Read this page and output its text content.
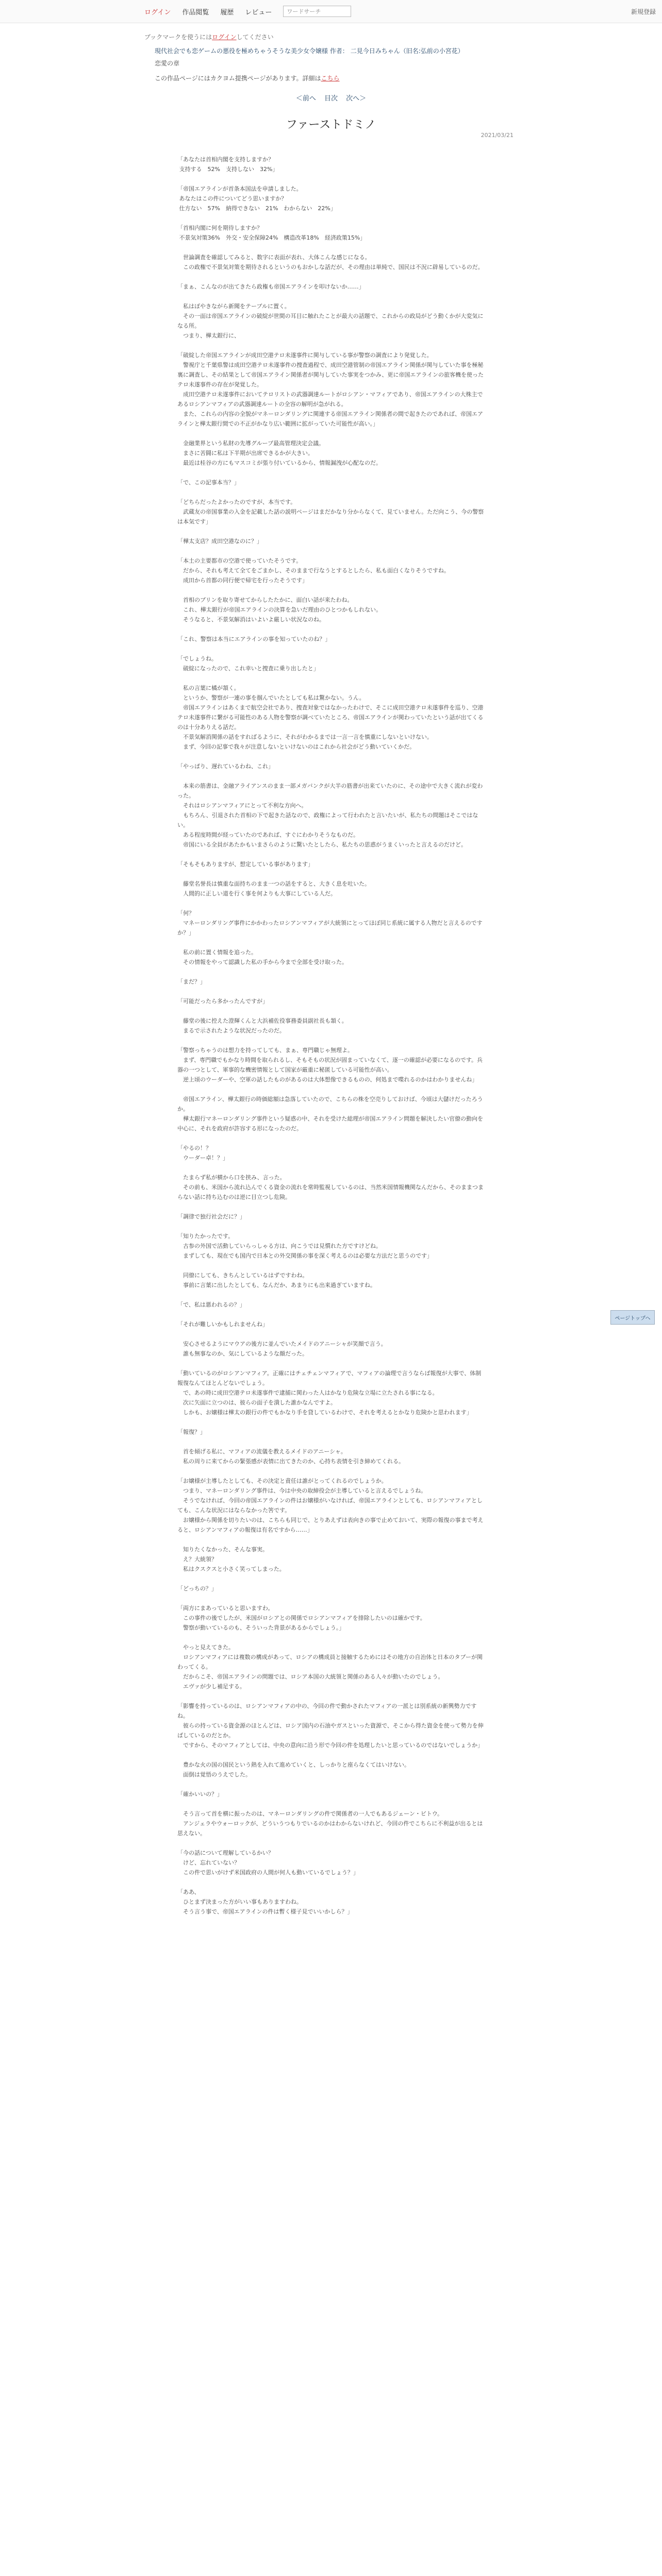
ログイン 作品閲覧 履歴 レビュー	ワードサーチ	新規登録
ブックマークを使うにはログインしてください
現代社会でも恋ゲームの悪役を極めちゃうそうな美少女令嬢様 作者： 二見今日みちゃん（旧名:弘前の小宮花）
恋愛の章
この作品ページにはカクヨム提携ページがあります。詳細はこちら
＜前へ 目次 次へ＞
ファーストドミノ
2021/03/21

「あなたは首相内閣を支持しますか？
支持する　52%　支持しない　32%」

「帝国エアラインが首条本国法を申請しました。
あなたはこの件についてどう思いますか？
仕方ない　57%　納得できない　21%　わからない　22%」

「首相内閣に何を期待しますか？
不景気対策36%　外交・安全保障24%　構造改革18%　経済政策15%」

　世論調査を確認してみると、数字に表面が表れ、大体こんな感じになる。
　この政権で不景気対策を期待されるというのもおかしな話だが、その理由は単純で、国民は不況に辟易しているのだ。

「まぁ、こんなのが出てきたら政権も帝国エアラインを叩けないか……」

　私はぼやきながら新聞をテーブルに置く。
　その一面は帝国エアラインの破綻が世間の耳目に触れたことが最大の話題で、これからの政局がどう動くかが大変気になる所。
　つまり、樺太銀行に、

「破綻した帝国エアラインが成田空港テロ未遂事件に関与している事が警察の調査により発覚した。
　警視庁と千葉県警は成田空港テロ未遂事件の捜査過程で、成田空港管制の帝国エアライン関係が関与していた事を極秘裏に調査し、その結果として帝国エアライン関係者が関与していた事実をつかみ、更に帝国エアラインの旅客機を使ったテロ未遂事件の存在が発覚した。
　成田空港テロ未遂事件においてテロリストの武器調達ルートがロシアン・マフィアであり、帝国エアラインの大株主であるロシアンマフィアの武器調達ルートの全容の解明が急がれる。
　また、これらの内容の全貌がマネーロンダリングに関連する帝国エアライン関係者の間で起きたのであれば、帝国エアラインと樺太銀行間での不正がかなり広い範囲に拡がっていた可能性が高い。」

　金融業界という私財の先導グループ最高管理決定会議。
　まさに苦闘に私は下半期が出席できるかが大きい。
　最近は桂谷の方にもマスコミが張り付いているから、情報漏洩が心配なのだ。

「で、この記事本当？」

「どちらだったよかったのですが、本当です。
　武蔵友の帝国事業の入金を記載した話の説明ページはまだかなり分からなくて、見ていません。ただ向こう、今の警察は本気です」

「樺太支店？成田空港なのに？」

「本土の主要都市の空港で使っていたそうです。
　だから、それも考えて全てをごまかし、そのままで行なうとするとしたら、私も面白くなりそうですね。
　成田から首都の同行便で帰宅を行ったそうです」

　首相のブリンを取り寄せてからしたたかに、面白い話が来たわね。
　これ、樺太銀行が帝国エアラインの決算を急いだ理由のひとつかもしれない。
　そうなると、不景気解消はいよいよ厳しい状況なのね。

「これ、警察は本当にエアラインの事を知っていたのね？」

「でしょうね。
　破綻になったので、これ幸いと捜査に乗り出したと」

　私の言葉に橘が頷く。
　というか、警察が一連の事を掴んでいたとしても私は驚かない。うん。
　帝国エアラインはあくまで航空会社であり、捜査対象ではなかったわけで、そこに成田空港テロ未遂事件を巡り、空港テロ未遂事件に繋がる可能性のある人物を警察が調べていたところ、帝国エアラインが関わっていたという話が出てくるのは十分ありえる話だ。
　不景気解消関係の話をすればるように、それがわかるまでは一言一言を慎重にしないといけない。
　まず、今回の記事で我々が注意しないといけないのはこれから社会がどう動いていくかだ。

「やっぱり、遅れているわね、これ」

　本来の筋書は、金融アライアンスのまま一部メガバンクが大半の筋書が出来ていたのに、その途中で大きく流れが変わった。
　それはロシアンマフィアにとって不利な方向へ。
　もちろん、引退された首相の下で起きた話なので、政権によって行われたと言いたいが、私たちの問題はそこではない。
　ある程度時間が経っていたのであれば、すぐにわかりそうなものだ。
　帝国にいる全員があたかもいまさらのように驚いたとしたら、私たちの思惑がうまくいったと言えるのだけど。

「そもそもありますが、想定している事があります」

　藤堂名誉長は慎重な面持ちのまま一つの話をすると、大きく息を吐いた。
　人間的に正しい道を行く事を何よりも大事にしている人だ。

「何？
　マネーロンダリング事件にかかわったロシアンマフィアが大統領にとってほぼ同じ系統に属する人物だと言えるのですか？」

　私の前に置く情報を追った。
　その情報をやって認識した私の手から今まで全部を受け取った。

「まだ？」

「可能だったら多かったんですが」

　藤堂の後に控えた澄輝くんと大浜補佐役事務委員副社長も頷く。
　まるで示されたような状況だったのだ。

「警察っちゃうのは想力を持ってしても、まぁ、専門職じゃ無理よ。
　まず、専門職でもかなり時間を取られるし、そもそもの状況が固まっていなくて、逐一の確認が必要になるのです。兵器の一つとして、軍事的な機密情報として国家が厳重に秘匿している可能性が高い。
　逆上頃のウーダーや、空軍の話したものがあるのは大体想像できるものの、何処まで喋れるのかはわかりませんね」

　帝国エアライン、樺太銀行の時価総額は急落していたので、こちらの株を空売りしておけば、今頃は大儲けだったろうか。
　樺太銀行マネーロンダリング事件という疑惑の中、それを受けた総理が帝国エアライン問題を解決したい官僚の動向を中心に、それを政府が許容する形になったのだ。

「やるの！？
　ウーダー卓！？」

　たまらず私が横から口を挟み、言った。
　その前も、米国から流れ込んでくる資金の流れを常時監視しているのは、当然米国情報機関なんだから、そのままつまらない話に持ち込むのは逆に目立つし危険。

「調律で独行社会だに？」

「知りたかったです。
　古参の外国で活動していらっしゃる方は、向こうでは見慣れた方ですけどね。
　まずしても、現在でも国内で日本との外交関係の事を深く考えるのは必要な方法だと思うのです」

　同僚にしても、きちんとしているはずですわね。
　事前に言葉に出したとしても、なんだか、あまりにも出来過ぎていますね。

「で、私は悪われるの？」

「それが難しいかもしれませんね」

　安心させるようにマウアの後方に並んでいたメイドのアニーシャが笑顔で言う。
　誰も無事なのか、気にしているような顔だった。

「動いているのがロシアンマフィア。正確にはチェチェンマフィアで、マフィアの論理で言うならば報復が大事で、体制報復なんてほとんどないでしょう。
　で、あの時に成田空港テロ未遂事件で逮捕に関わった人はかなり危険な立場に立たされる事になる。
　次に矢面に立つのは、彼らの面子を潰した誰かなんですよ。
　しかも、お嬢様は樺太の銀行の件でもかなり手を貸しているわけで、それを考えるとかなり危険かと思われます」

「報復？」

　首を傾げる私に、マフィアの流儀を教えるメイドのアニーシャ。
　私の周りに来てからの緊張感が表情に出てきたのか、心持ち表情を引き締めてくれる。

「お嬢様が主導したとしても、その決定と責任は誰がとってくれるのでしょうか。
　つまり、マネーロンダリング事件は、今は中央の取締役会が主導していると言えるでしょうね。
　そうでなければ、今回の帝国エアラインの件はお嬢様がいなければ、帝国エアラインとしても、ロシアンマフィアとしても、こんな状況にはならなかった筈です。
　お嬢様から関係を切りたいのは、こちらも同じで、とりあえずは表向きの事で止めておいて、実際の報復の事まで考えると、ロシアンマフィアの報復は有名ですから……」

　知りたくなかった、そんな事実。
　え？大統領？
　私はクスクスと小さく笑ってしまった。

「どっちの？」

「両方にまあっていると思いますわ。
　この事件の後でしたが、米国がロシアとの関係でロシアンマフィアを排除したいのは確かです。
　警察が動いているのも、そういった背景があるからでしょう。」

　やっと見えてきた。
　ロシアンマフィアには複数の構成があって、ロシアの構成員と接触するためにはその地方の自治体と日本のタブーが関わってくる。
　だからこそ、帝国エアラインの問題では、ロシア本国の大統領と関係のある人々が動いたのでしょう。
　エヴァが少し補足する。

「影響を持っているのは、ロシアンマフィアの中の、今回の件で動かされたマフィアの一派とは別系統の新興勢力ですね。
　彼らの持っている資金源のほとんどは、ロシア国内の石油やガスといった資源で、そこから得た資金を使って勢力を伸ばしているのだとか。
　ですから、そのマフィアとしては、中央の意向に沿う形で今回の件を処理したいと思っているのではないでしょうか」

　豊かな火の国の国民という熱を入れて進めていくと、しっかりと座らなくてはいけない。
　面倒は覚悟のうえでした。

「確かいいの？」

　そう言って首を横に振ったのは、マネーロンダリングの件で関係者の一人でもあるジェーン・ビトウ。
　アンジェラやウォーロックが、どういうつもりでいるのかはわからないけれど、今回の件でこちらに不利益が出るとは思えない。

「今の話について理解しているかい？
　けど、忘れていない？
　この件で思いがけず米国政府の人間が何人も動いているでしょう？」

「ああ、
　ひとまず決まった方がいい事もありますわね。
　そう言う事で、帝国エアラインの件は暫く様子見でいいかしら？」

ページトップへ
